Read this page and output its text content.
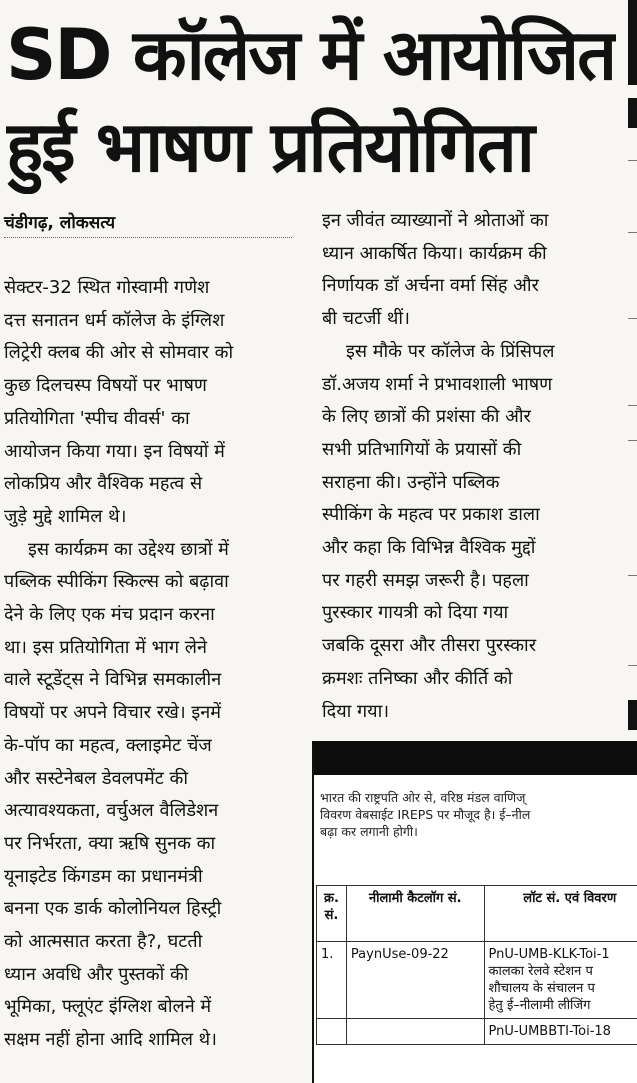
SD कॉलेज में आयोजित
हुई भाषण प्रतियोगिता
चंडीगढ़, लोकसत्य

सेक्टर-32 स्थित गोस्वामी गणेश
दत्त सनातन धर्म कॉलेज के इंग्लिश
लिट्रेरी क्लब की ओर से सोमवार को
कुछ दिलचस्प विषयों पर भाषण
प्रतियोगिता 'स्पीच वीवर्स' का
आयोजन किया गया। इन विषयों में
लोकप्रिय और वैश्विक महत्व से
जुड़े मुद्दे शामिल थे।

इस कार्यक्रम का उद्देश्य छात्रों में
पब्लिक स्पीकिंग स्किल्स को बढ़ावा
देने के लिए एक मंच प्रदान करना
था। इस प्रतियोगिता में भाग लेने
वाले स्टूडेंट्स ने विभिन्न समकालीन
विषयों पर अपने विचार रखे। इनमें
के-पॉप का महत्व, क्लाइमेट चेंज
और सस्टेनेबल डेवलपमेंट की
अत्यावश्यकता, वर्चुअल वैलिडेशन
पर निर्भरता, क्या ऋषि सुनक का
यूनाइटेड किंगडम का प्रधानमंत्री
बनना एक डार्क कोलोनियल हिस्ट्री
को आत्मसात करता है?, घटती
ध्यान अवधि और पुस्तकों की
भूमिका, फ्लूएंट इंग्लिश बोलने में
सक्षम नहीं होना आदि शामिल थे।

इन जीवंत व्याख्यानों ने श्रोताओं का
ध्यान आकर्षित किया। कार्यक्रम की
निर्णायक डॉ अर्चना वर्मा सिंह और
बी चटर्जी थीं।

इस मौके पर कॉलेज के प्रिंसिपल
डॉ.अजय शर्मा ने प्रभावशाली भाषण
के लिए छात्रों की प्रशंसा की और
सभी प्रतिभागियों के प्रयासों की
सराहना की। उन्होंने पब्लिक
स्पीकिंग के महत्व पर प्रकाश डाला
और कहा कि विभिन्न वैश्विक मुद्दों
पर गहरी समझ जरूरी है। पहला
पुरस्कार गायत्री को दिया गया
जबकि दूसरा और तीसरा पुरस्कार
क्रमशः तनिष्का और कीर्ति को
दिया गया।

भारत की राष्ट्रपति ओर से, वरिष्ठ मंडल वाणिज्
विवरण वेबसाईट IREPS पर मौजूद है। ई–नील
बढ़ा कर लगानी होगी।
क्र. सं.	नीलामी कैटलॉग सं.	लॉट सं. एवं विवरण
1.	PaynUse-09-22	PnU-UMB-KLK-Toi-1
कालका रेलवे स्टेशन प
शौचालय के संचालन प
हेतु ई–नीलामी लीजिंग

		PnU-UMBBTI-Toi-18
